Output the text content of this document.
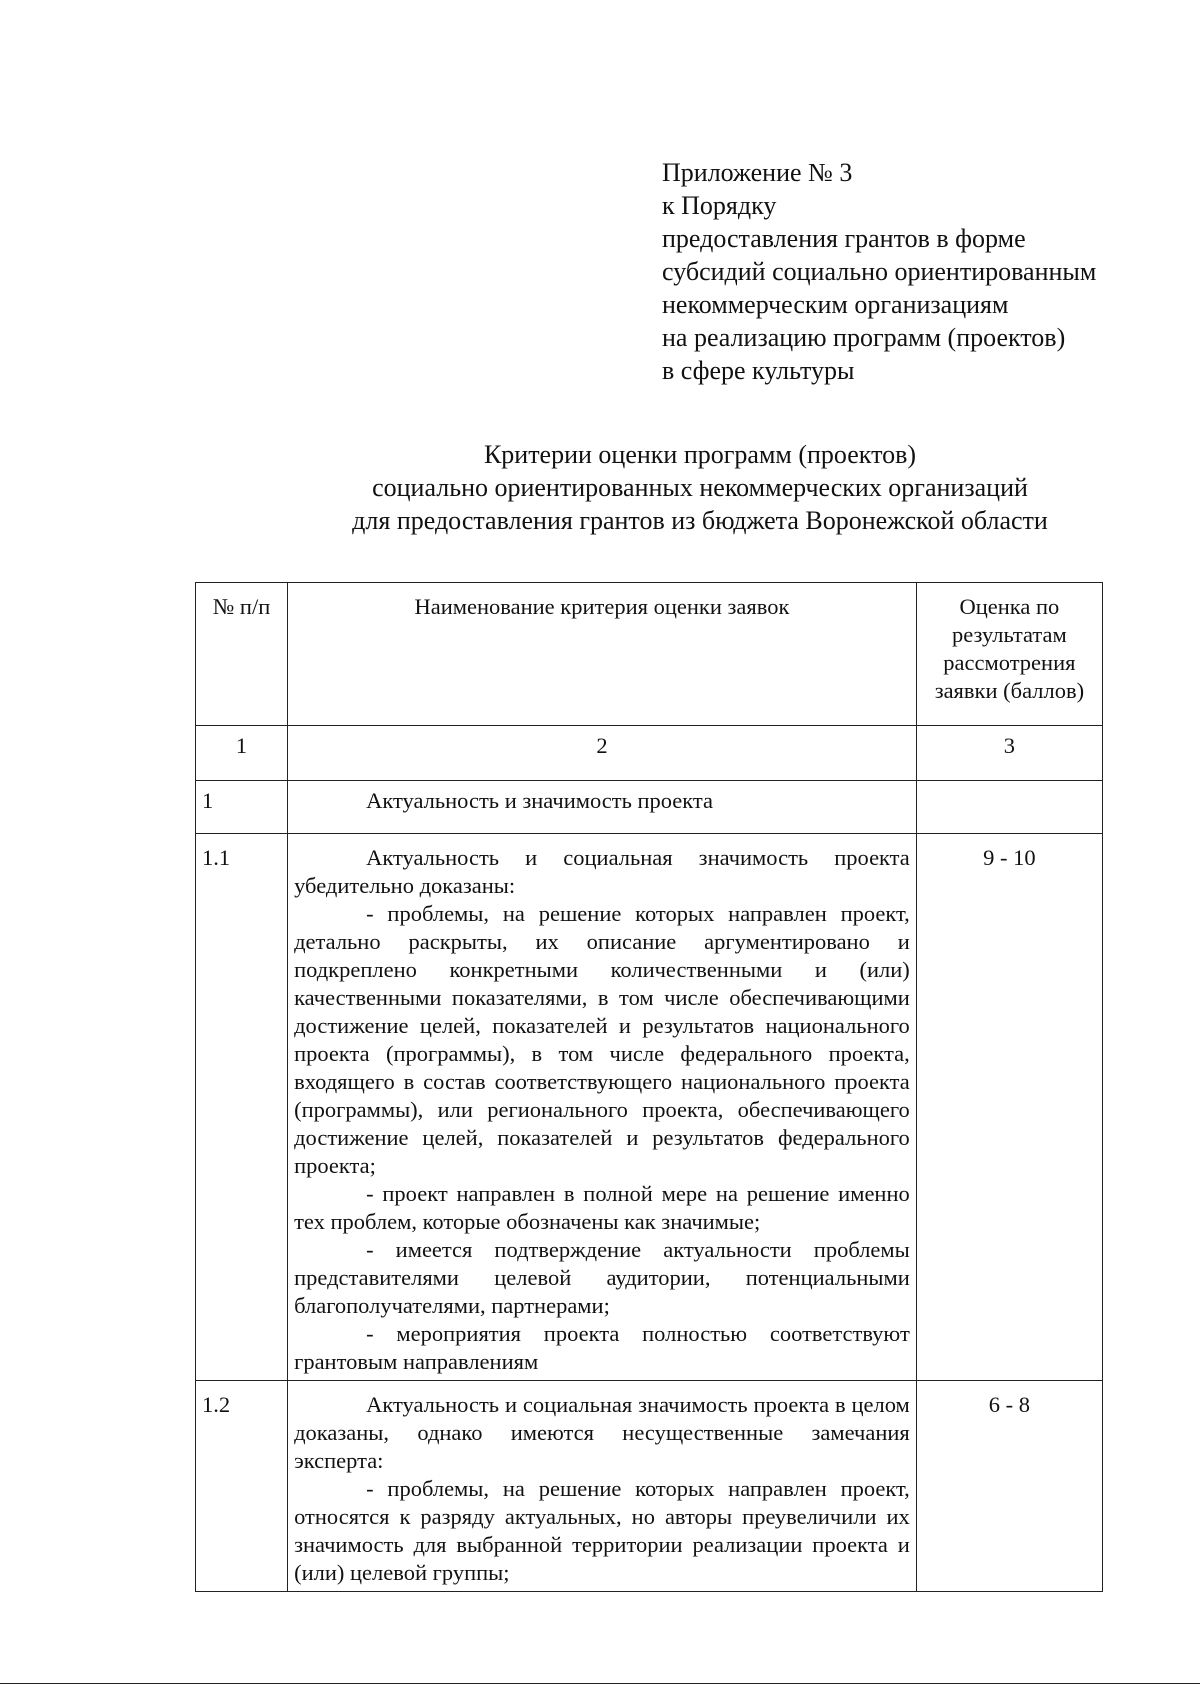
Приложение № 3
к Порядку
предоставления грантов в форме
субсидий социально ориентированным
некоммерческим организациям
на реализацию программ (проектов)
в сфере культуры
Критерии оценки программ (проектов)
социально ориентированных некоммерческих организаций
для предоставления грантов из бюджета Воронежской области
№ п/п	Наименование критерия оценки заявок	Оценка по результатам рассмотрения заявки (баллов)
1	2	3
1	Актуальность и значимость проекта	
1.1	Актуальность и социальная значимость проекта убедительно доказаны:

- проблемы, на решение которых направлен проект, детально раскрыты, их описание аргументировано и подкреплено конкретными количественными и (или) качественными показателями, в том числе обеспечивающими достижение целей, показателей и результатов национального проекта (программы), в том числе федерального проекта, входящего в состав соответствующего национального проекта (программы), или регионального проекта, обеспечивающего достижение целей, показателей и результатов федерального проекта;

- проект направлен в полной мере на решение именно тех проблем, которые обозначены как значимые;

- имеется подтверждение актуальности проблемы представителями целевой аудитории, потенциальными благополучателями, партнерами;

- мероприятия проекта полностью соответствуют грантовым направлениям	9 - 10
1.2	Актуальность и социальная значимость проекта в целом доказаны, однако имеются несущественные замечания эксперта:

- проблемы, на решение которых направлен проект, относятся к разряду актуальных, но авторы преувеличили их значимость для выбранной территории реализации проекта и (или) целевой группы;	6 - 8
